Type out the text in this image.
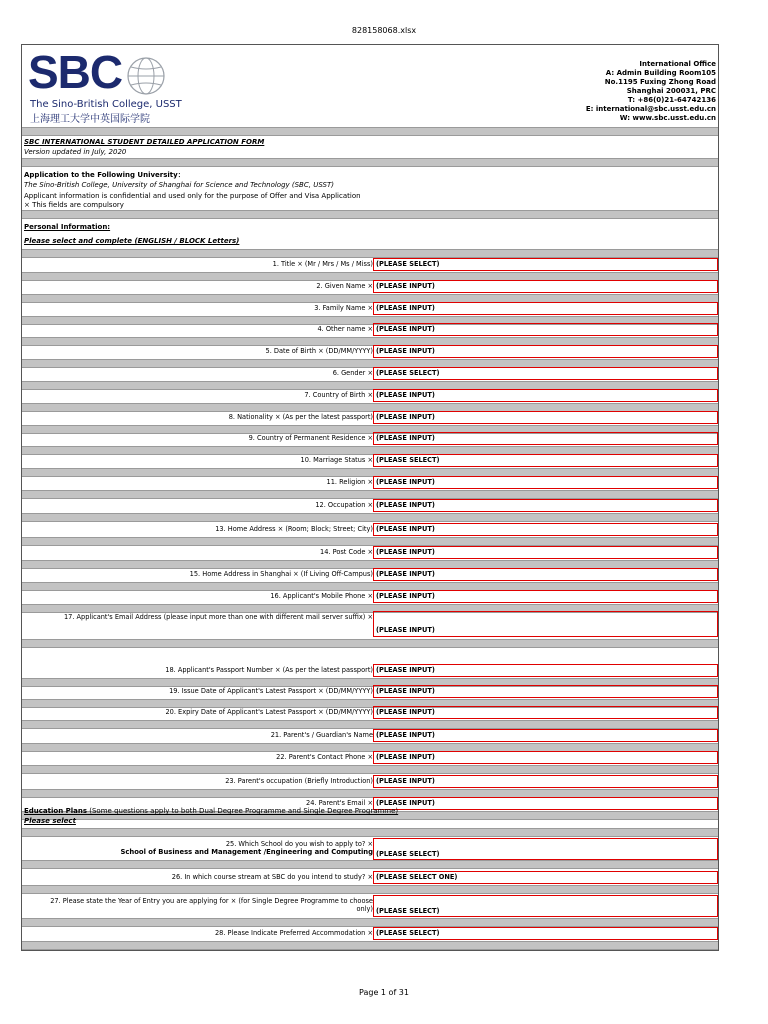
828158068.xlsx
SBC
The Sino-British College, USST
上海理工大学中英国际学院
International Office
A: Admin Building Room105
No.1195 Fuxing Zhong Road
Shanghai 200031, PRC
T: +86(0)21-64742136
E: international@sbc.usst.edu.cn
W: www.sbc.usst.edu.cn
SBC INTERNATIONAL STUDENT DETAILED APPLICATION FORM
Version updated in July, 2020
Application to the Following University：
The Sino-British College, University of Shanghai for Science and Technology (SBC, USST)
Applicant information is confidential and used only for the purpose of Offer and Visa Application
× This fields are compulsory
Personal Information:
Please select and complete (ENGLISH / BLOCK Letters)
1. Title × (Mr / Mrs / Ms / Miss) (PLEASE SELECT)
2. Given Name × (PLEASE INPUT)
3. Family Name × (PLEASE INPUT)
4. Other name × (PLEASE INPUT)
5. Date of Birth × (DD/MM/YYYY) (PLEASE INPUT)
6. Gender × (PLEASE SELECT)
7. Country of Birth × (PLEASE INPUT)
8. Nationality × (As per the latest passport) (PLEASE INPUT)
9. Country of Permanent Residence × (PLEASE INPUT)
10. Marriage Status × (PLEASE SELECT)
11. Religion × (PLEASE INPUT)
12. Occupation × (PLEASE INPUT)
13. Home Address × (Room; Block; Street; City) (PLEASE INPUT)
14. Post Code × (PLEASE INPUT)
15. Home Address in Shanghai × (If Living Off-Campus) (PLEASE INPUT)
16. Applicant's Mobile Phone × (PLEASE INPUT)
17. Applicant's Email Address (please input more than one with different mail server suffix) ×
(PLEASE INPUT)
18. Applicant's Passport Number × (As per the latest passport) (PLEASE INPUT)
19. Issue Date of Applicant's Latest Passport × (DD/MM/YYYY) (PLEASE INPUT)
20. Expiry Date of Applicant's Latest Passport × (DD/MM/YYYY) (PLEASE INPUT)
21. Parent's / Guardian's Name (PLEASE INPUT)
22. Parent's Contact Phone × (PLEASE INPUT)
23. Parent's occupation (Briefly Introduction) (PLEASE INPUT)
24. Parent's Email × (PLEASE INPUT)
Education Plans (Some questions apply to both Dual Degree Programme and Single Degree Programme)
Please select
25. Which School do you wish to apply to? ×
School of Business and Management /Engineering and Computing (PLEASE SELECT)
26. In which course stream at SBC do you intend to study? × (PLEASE SELECT ONE)
27. Please state the Year of Entry you are applying for × (for Single Degree Programme to choose
only) (PLEASE SELECT)
28. Please Indicate Preferred Accommodation × (PLEASE SELECT)
Page 1 of 31
